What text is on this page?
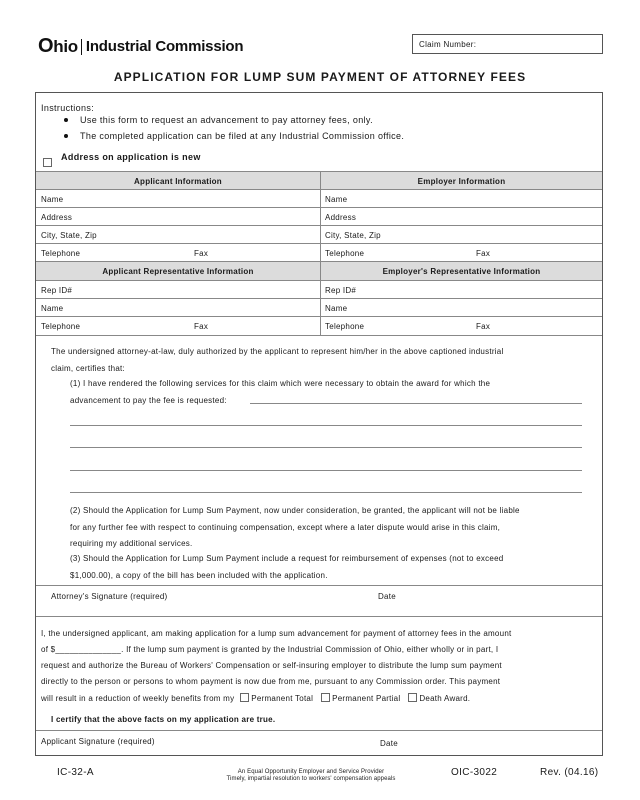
Ohio Industrial Commission	Claim Number:
APPLICATION FOR LUMP SUM PAYMENT OF ATTORNEY FEES
Instructions:
Use this form to request an advancement to pay attorney fees, only.
The completed application can be filed at any Industrial Commission office.
Address on application is new
Applicant Information	Employer Information
Name	Name
Address	Address
City, State, Zip	City, State, Zip
Telephone	Fax	Telephone	Fax
Applicant Representative Information	Employer's Representative Information
Rep ID#	Rep ID#
Name	Name
Telephone	Fax	Telephone	Fax
The undersigned attorney-at-law, duly authorized by the applicant to represent him/her in the above captioned industrial
claim, certifies that:
(1) I have rendered the following services for this claim which were necessary to obtain the award for which the
advancement to pay the fee is requested:
(2) Should the Application for Lump Sum Payment, now under consideration, be granted, the applicant will not be liable
for any further fee with respect to continuing compensation, except where a later dispute would arise in this claim,
requiring my additional services.
(3) Should the Application for Lump Sum Payment include a request for reimbursement of expenses (not to exceed
$1,000.00), a copy of the bill has been included with the application.
Attorney's Signature (required)	Date
I, the undersigned applicant, am making application for a lump sum advancement for payment of attorney fees in the amount
of $______________. If the lump sum payment is granted by the Industrial Commission of Ohio, either wholly or in part, I
request and authorize the Bureau of Workers' Compensation or self-insuring employer to distribute the lump sum payment
directly to the person or persons to whom payment is now due from me, pursuant to any Commission order. This payment
will result in a reduction of weekly benefits from my Permanent Total Permanent Partial Death Award.
I certify that the above facts on my application are true.
Applicant Signature (required)	Date
IC-32-A	An Equal Opportunity Employer and Service Provider
Timely, impartial resolution to workers' compensation appeals
OIC-3022	Rev. (04.16)
